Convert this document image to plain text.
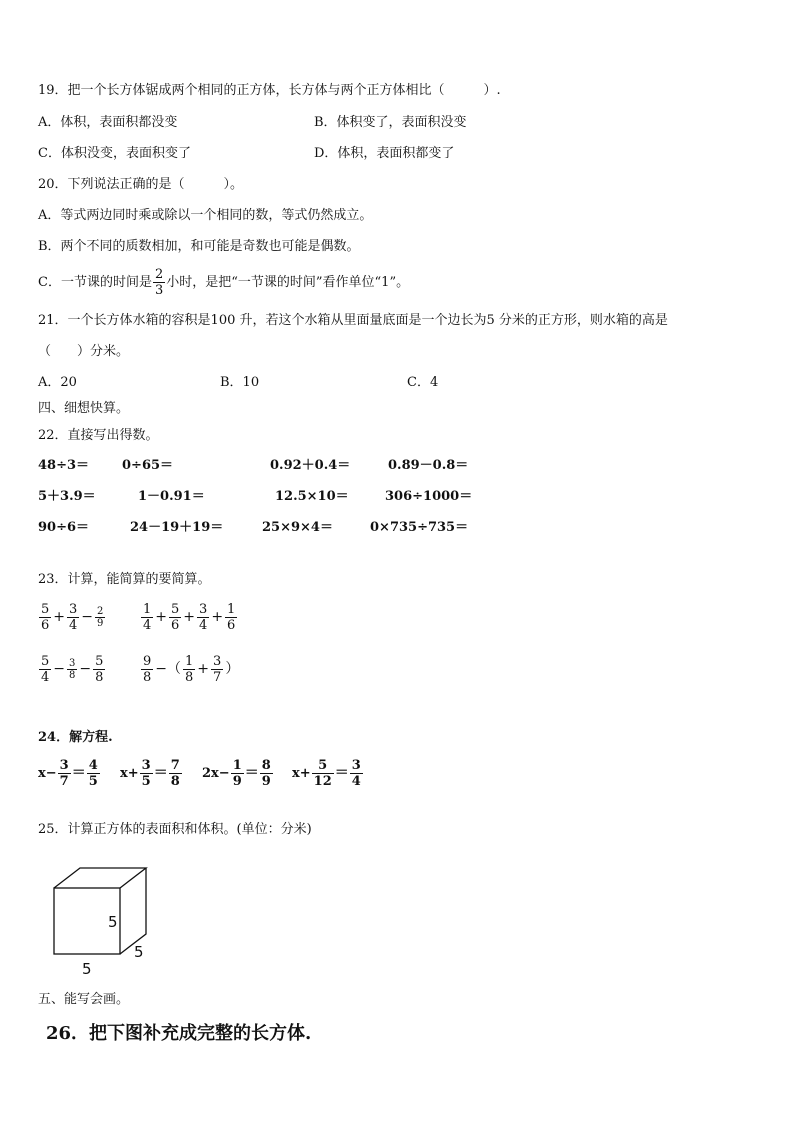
19．把一个长方体锯成两个相同的正方体，长方体与两个正方体相比（　　　）.
A．体积，表面积都没变	B．体积变了，表面积没变
C．体积没变，表面积变了	D．体积，表面积都变了
20．下列说法正确的是（　　　）。
A．等式两边同时乘或除以一个相同的数，等式仍然成立。
B．两个不同的质数相加，和可能是奇数也可能是偶数。
C．一节课的时间是 $\frac{2}{3}$ 小时，是把“一节课的时间”看作单位“1”。
21．一个长方体水箱的容积是100 升，若这个水箱从里面量底面是一个边长为5 分米的正方形，则水箱的高是
（　　）分米。
A．20	B．10	C．4
四、细想快算。
22．直接写出得数。
48÷3＝	0÷65＝	0.92＋0.4＝	0.89－0.8＝
5＋3.9＝	1－0.91＝	12.5×10＝	306÷1000＝
90÷6＝	24－19＋19＝	25×9×4＝	0×735÷735＝
23．计算，能简算的要简算。
$\frac{5}{6} + \frac{3}{4} - \frac{2}{9}$	$\frac{1}{4} + \frac{5}{6} + \frac{3}{4} + \frac{1}{6}$
$\frac{5}{4} - \frac{3}{8} - \frac{5}{8}$	$\frac{9}{8}$ −（ $\frac{1}{8} + \frac{3}{7}$ ）
24．解方程.
$x- \frac{3}{7} = \frac{4}{5} x+ \frac{3}{5} = \frac{7}{8} 2x- \frac{1}{9} = \frac{8}{9} x+ \frac{5}{12} = \frac{3}{4}$
25．计算正方体的表面积和体积。(单位：分米)
5
5
5
五、能写会画。
26．把下图补充成完整的长方体.
